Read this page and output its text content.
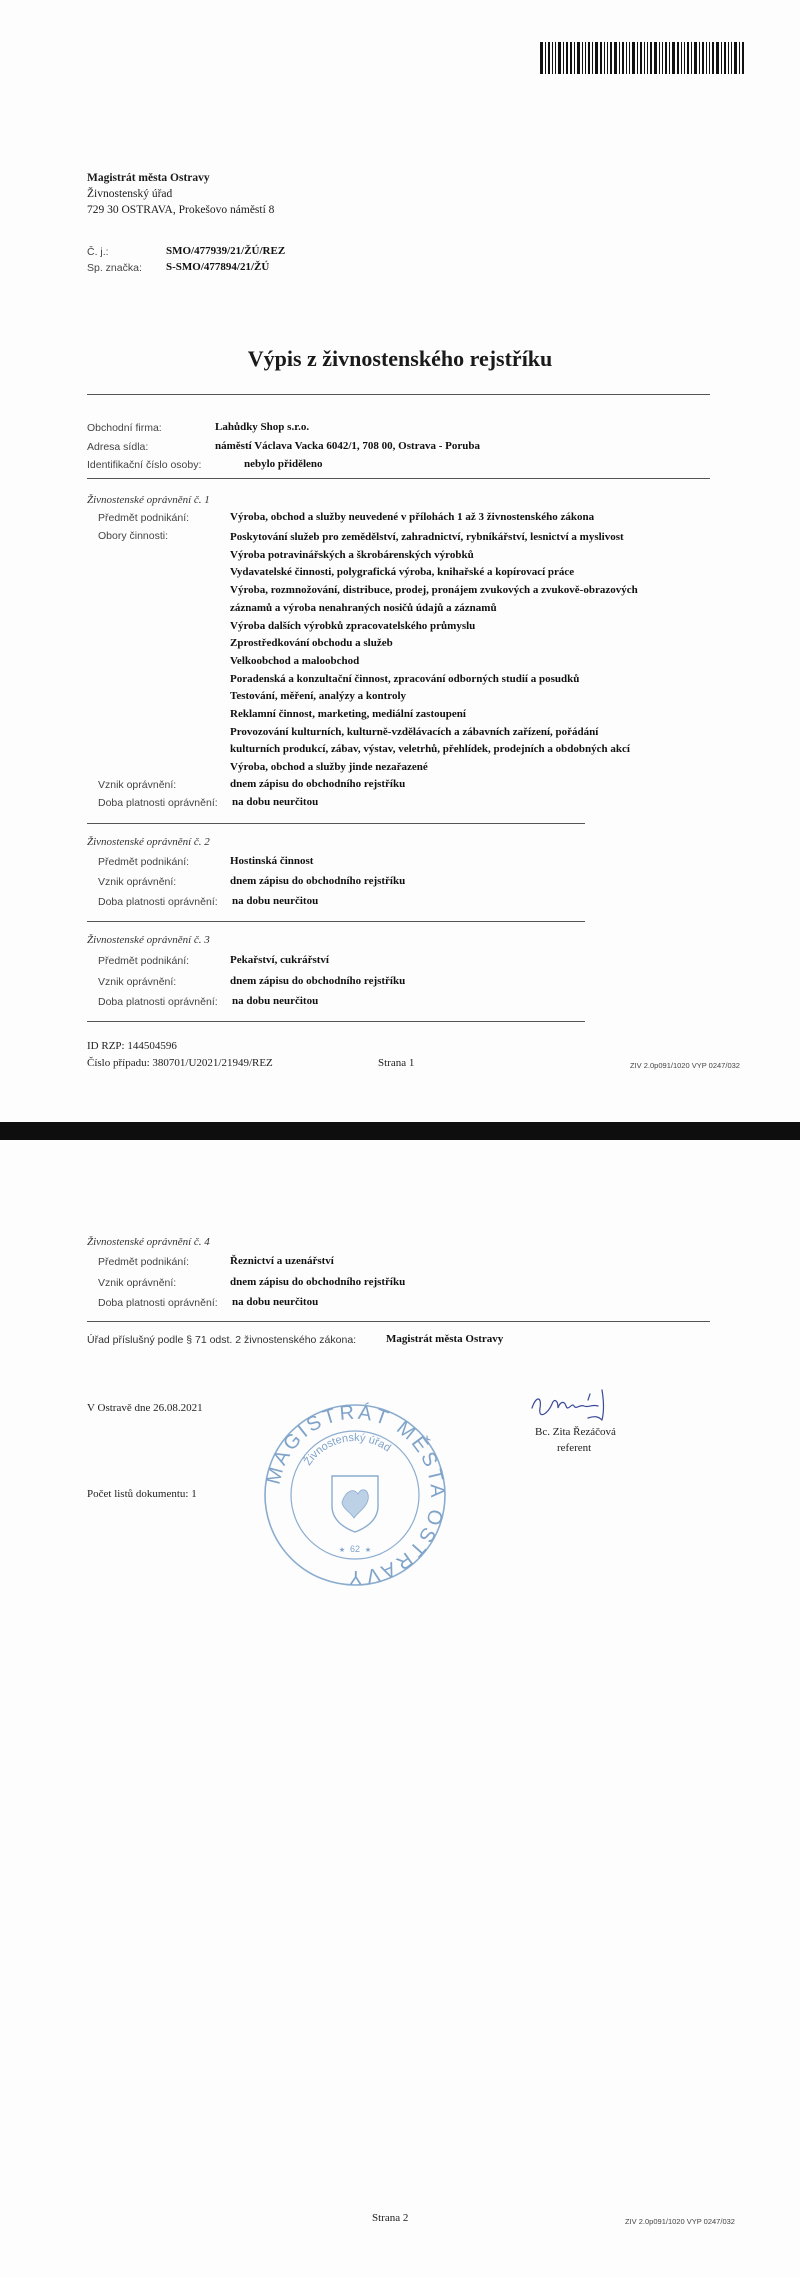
Magistrát města Ostravy
Živnostenský úřad
729 30 OSTRAVA, Prokešovo náměstí 8
Č. j.:	SMO/477939/21/ŽÚ/REZ
Sp. značka: S-SMO/477894/21/ŽÚ
Výpis z živnostenského rejstříku
Obchodní firma:	Lahůdky Shop s.r.o.
Adresa sídla:	náměstí Václava Vacka 6042/1, 708 00, Ostrava - Poruba
Identifikační číslo osoby:	nebylo přiděleno
Živnostenské oprávnění č. 1
Předmět podnikání:	Výroba, obchod a služby neuvedené v přílohách 1 až 3 živnostenského zákona
Obory činnosti:	Poskytování služeb pro zemědělství, zahradnictví, rybníkářství, lesnictví a myslivost
Výroba potravinářských a škrobárenských výrobků
Vydavatelské činnosti, polygrafická výroba, knihařské a kopírovací práce
Výroba, rozmnožování, distribuce, prodej, pronájem zvukových a zvukově-obrazových
záznamů a výroba nenahraných nosičů údajů a záznamů
Výroba dalších výrobků zpracovatelského průmyslu
Zprostředkování obchodu a služeb
Velkoobchod a maloobchod
Poradenská a konzultační činnost, zpracování odborných studií a posudků
Testování, měření, analýzy a kontroly
Reklamní činnost, marketing, mediální zastoupení
Provozování kulturních, kulturně-vzdělávacích a zábavních zařízení, pořádání
kulturních produkcí, zábav, výstav, veletrhů, přehlídek, prodejních a obdobných akcí
Výroba, obchod a služby jinde nezařazené
Vznik oprávnění:	dnem zápisu do obchodního rejstříku
Doba platnosti oprávnění: na dobu neurčitou
Živnostenské oprávnění č. 2
Předmět podnikání:	Hostinská činnost
Vznik oprávnění:	dnem zápisu do obchodního rejstříku
Doba platnosti oprávnění: na dobu neurčitou
Živnostenské oprávnění č. 3
Předmět podnikání:	Pekařství, cukrářství
Vznik oprávnění:	dnem zápisu do obchodního rejstříku
Doba platnosti oprávnění: na dobu neurčitou
ID RZP: 144504596
Číslo případu: 380701/U2021/21949/REZ	Strana 1	ZIV 2.0p091/1020 VYP 0247/032
Živnostenské oprávnění č. 4
Předmět podnikání:	Řeznictví a uzenářství
Vznik oprávnění:	dnem zápisu do obchodního rejstříku
Doba platnosti oprávnění: na dobu neurčitou
Úřad příslušný podle § 71 odst. 2 živnostenského zákona:	Magistrát města Ostravy
V Ostravě dne 26.08.2021
Bc. Zita Řezáčová
referent
Počet listů dokumentu: 1
Strana 2	ZIV 2.0p091/1020 VYP 0247/032
MAGISTRÁT MĚSTA OSTRAVY
Živnostenský úřad
62
★	★
